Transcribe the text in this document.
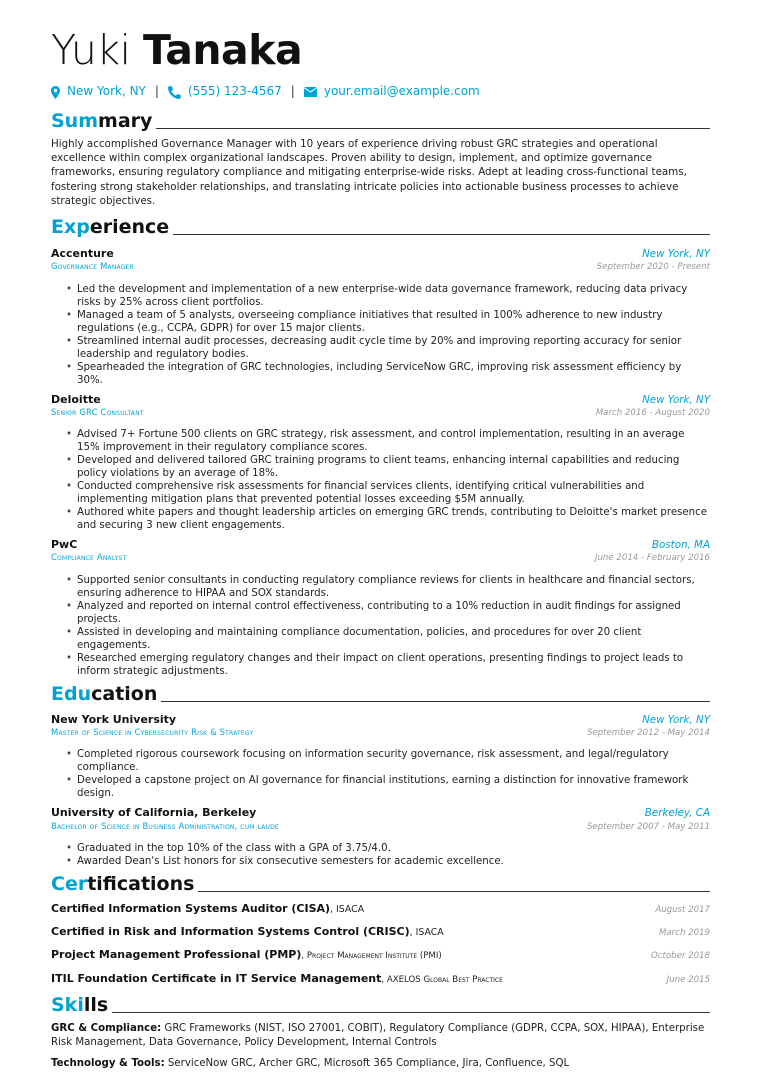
Yuki Tanaka
New York, NY | (555) 123-4567 | your.email@example.com
Summary

Highly accomplished Governance Manager with 10 years of experience driving robust GRC strategies and operational excellence within complex organizational landscapes. Proven ability to design, implement, and optimize governance frameworks, ensuring regulatory compliance and mitigating enterprise-wide risks. Adept at leading cross-functional teams, fostering strong stakeholder relationships, and translating intricate policies into actionable business processes to achieve strategic objectives.

Experience
Accenture	New York, NY
Governance Manager	September 2020 - Present
• Led the development and implementation of a new enterprise-wide data governance framework, reducing data privacy risks by 25% across client portfolios.
• Managed a team of 5 analysts, overseeing compliance initiatives that resulted in 100% adherence to new industry regulations (e.g., CCPA, GDPR) for over 15 major clients.
• Streamlined internal audit processes, decreasing audit cycle time by 20% and improving reporting accuracy for senior leadership and regulatory bodies.
• Spearheaded the integration of GRC technologies, including ServiceNow GRC, improving risk assessment efficiency by 30%.
Deloitte	New York, NY
Senior GRC Consultant	March 2016 - August 2020
• Advised 7+ Fortune 500 clients on GRC strategy, risk assessment, and control implementation, resulting in an average 15% improvement in their regulatory compliance scores.
• Developed and delivered tailored GRC training programs to client teams, enhancing internal capabilities and reducing policy violations by an average of 18%.
• Conducted comprehensive risk assessments for financial services clients, identifying critical vulnerabilities and implementing mitigation plans that prevented potential losses exceeding $5M annually.
• Authored white papers and thought leadership articles on emerging GRC trends, contributing to Deloitte's market presence and securing 3 new client engagements.
PwC	Boston, MA
Compliance Analyst	June 2014 - February 2016
• Supported senior consultants in conducting regulatory compliance reviews for clients in healthcare and financial sectors, ensuring adherence to HIPAA and SOX standards.
• Analyzed and reported on internal control effectiveness, contributing to a 10% reduction in audit findings for assigned projects.
• Assisted in developing and maintaining compliance documentation, policies, and procedures for over 20 client engagements.
• Researched emerging regulatory changes and their impact on client operations, presenting findings to project leads to inform strategic adjustments.
Education
New York University	New York, NY
Master of Science in Cybersecurity Risk & Strategy	September 2012 - May 2014
• Completed rigorous coursework focusing on information security governance, risk assessment, and legal/regulatory compliance.
• Developed a capstone project on AI governance for financial institutions, earning a distinction for innovative framework design.
University of California, Berkeley	Berkeley, CA
Bachelor of Science in Business Administration, cum laude	September 2007 - May 2011
• Graduated in the top 10% of the class with a GPA of 3.75/4.0.
• Awarded Dean's List honors for six consecutive semesters for academic excellence.
Certifications
Certified Information Systems Auditor (CISA), ISACA	August 2017
Certified in Risk and Information Systems Control (CRISC), ISACA	March 2019
Project Management Professional (PMP), Project Management Institute (PMI)	October 2018
ITIL Foundation Certificate in IT Service Management, AXELOS Global Best Practice	June 2015
Skills

GRC & Compliance: GRC Frameworks (NIST, ISO 27001, COBIT), Regulatory Compliance (GDPR, CCPA, SOX, HIPAA), Enterprise Risk Management, Data Governance, Policy Development, Internal Controls

Technology & Tools: ServiceNow GRC, Archer GRC, Microsoft 365 Compliance, Jira, Confluence, SQL
